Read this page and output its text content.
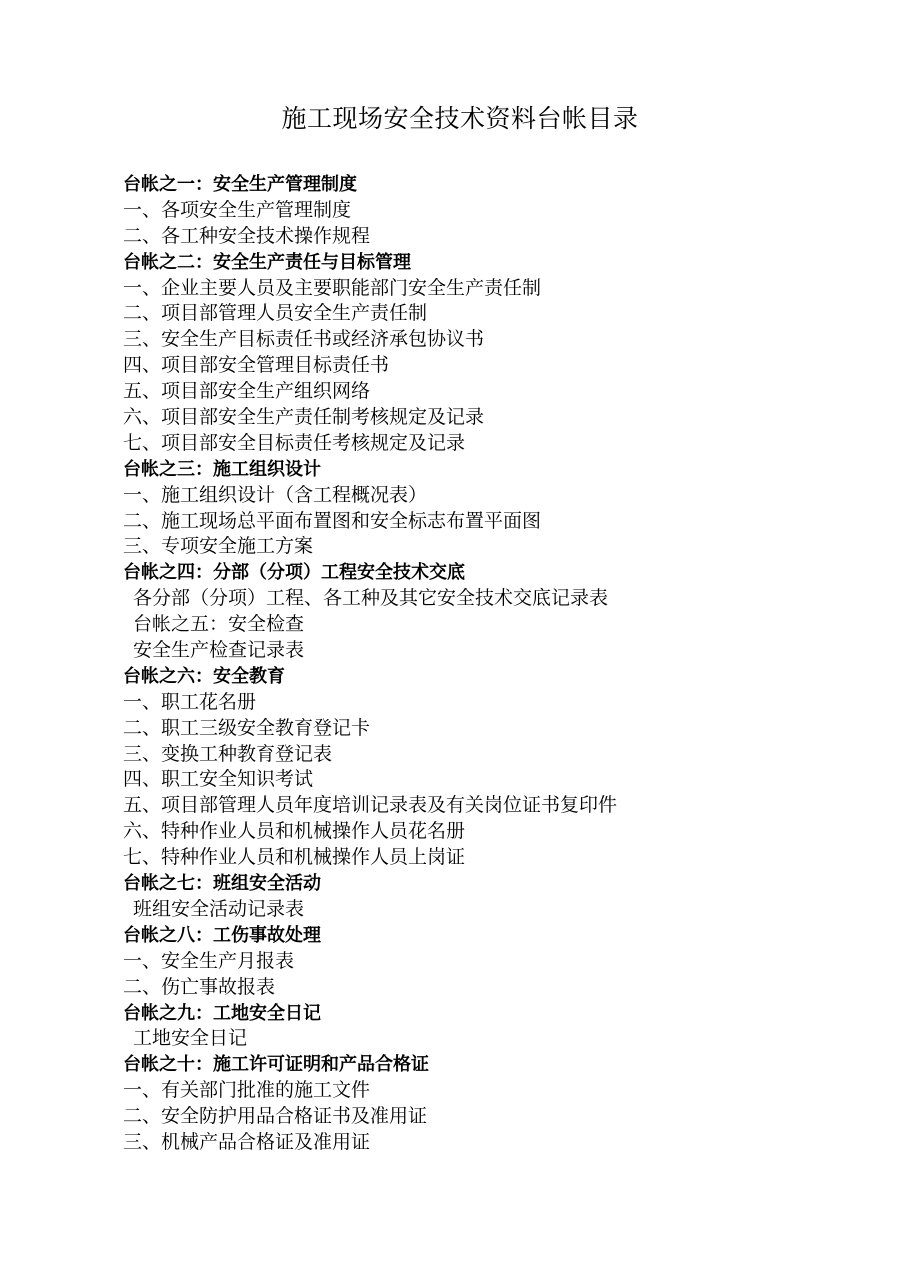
施工现场安全技术资料台帐目录
台帐之一：安全生产管理制度
一、各项安全生产管理制度
二、各工种安全技术操作规程
台帐之二：安全生产责任与目标管理
一、企业主要人员及主要职能部门安全生产责任制
二、项目部管理人员安全生产责任制
三、安全生产目标责任书或经济承包协议书
四、项目部安全管理目标责任书
五、项目部安全生产组织网络
六、项目部安全生产责任制考核规定及记录
七、项目部安全目标责任考核规定及记录
台帐之三：施工组织设计
一、施工组织设计（含工程概况表）
二、施工现场总平面布置图和安全标志布置平面图
三、专项安全施工方案
台帐之四：分部（分项）工程安全技术交底
各分部（分项）工程、各工种及其它安全技术交底记录表
台帐之五：安全检查
安全生产检查记录表
台帐之六：安全教育
一、职工花名册
二、职工三级安全教育登记卡
三、变换工种教育登记表
四、职工安全知识考试
五、项目部管理人员年度培训记录表及有关岗位证书复印件
六、特种作业人员和机械操作人员花名册
七、特种作业人员和机械操作人员上岗证
台帐之七：班组安全活动
班组安全活动记录表
台帐之八：工伤事故处理
一、安全生产月报表
二、伤亡事故报表
台帐之九：工地安全日记
工地安全日记
台帐之十：施工许可证明和产品合格证
一、有关部门批准的施工文件
二、安全防护用品合格证书及准用证
三、机械产品合格证及准用证
